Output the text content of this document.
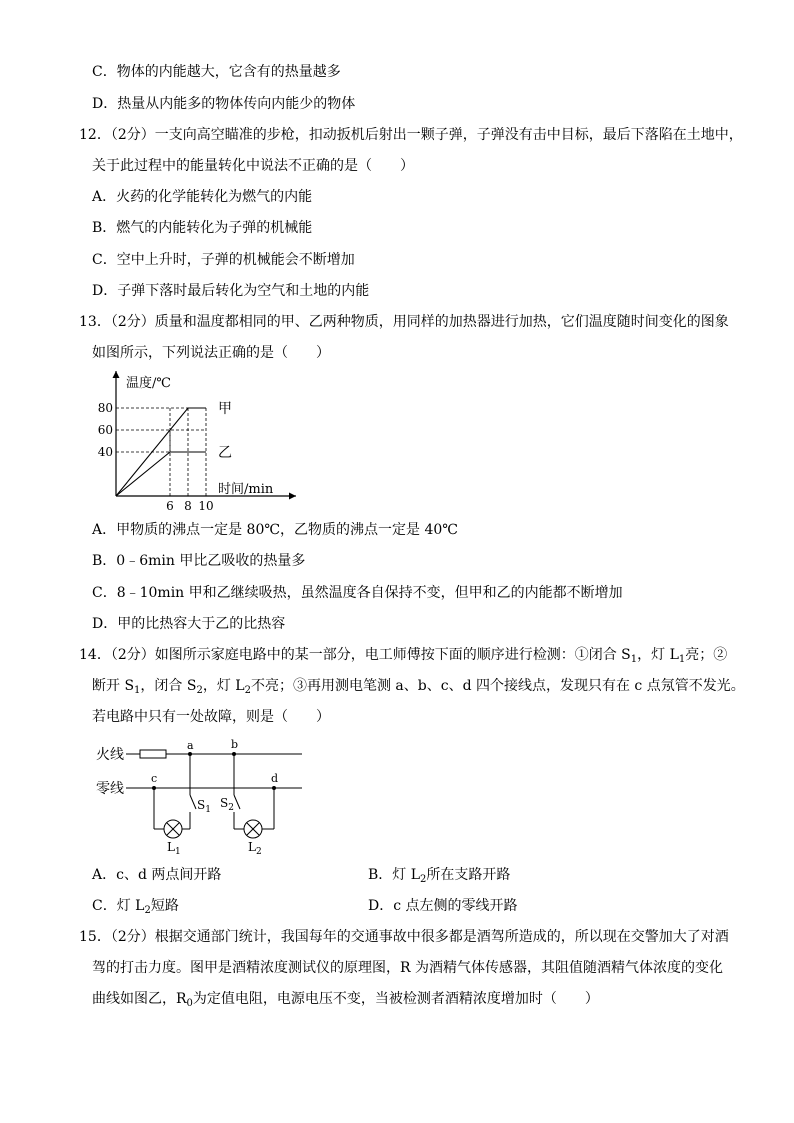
C．物体的内能越大，它含有的热量越多
D．热量从内能多的物体传向内能少的物体
12．（2分）一支向高空瞄准的步枪，扣动扳机后射出一颗子弹，子弹没有击中目标，最后下落陷在土地中，
关于此过程中的能量转化中说法不正确的是（　　）
A．火药的化学能转化为燃气的内能
B．燃气的内能转化为子弹的机械能
C．空中上升时，子弹的机械能会不断增加
D．子弹下落时最后转化为空气和土地的内能
13．（2分）质量和温度都相同的甲、乙两种物质，用同样的加热器进行加热，它们温度随时间变化的图象
如图所示，下列说法正确的是（　　）
温度/℃
时间/min
40
60
80
6 8 10
甲
乙
A．甲物质的沸点一定是 80℃，乙物质的沸点一定是 40℃
B．0﹣6min 甲比乙吸收的热量多
C．8﹣10min 甲和乙继续吸热，虽然温度各自保持不变，但甲和乙的内能都不断增加
D．甲的比热容大于乙的比热容
14．（2分）如图所示家庭电路中的某一部分，电工师傅按下面的顺序进行检测：①闭合 $S_1$，灯 $L_1$亮；②
断开 $S_1$，闭合 $S_2$，灯 $L_2$不亮；③再用测电笔测 a、b、c、d 四个接线点，发现只有在 c 点氖管不发光。
若电路中只有一处故障，则是（　　）
火线
零线
a	b
c	d
$S_1$
$L_1$
$S_2$
$L_2$
A．c、d 两点间开路	B．灯 $L_2$所在支路开路
C．灯 $L_2$短路	D．c 点左侧的零线开路
15．（2分）根据交通部门统计，我国每年的交通事故中很多都是酒驾所造成的，所以现在交警加大了对酒
驾的打击力度。图甲是酒精浓度测试仪的原理图，R 为酒精气体传感器，其阻值随酒精气体浓度的变化
曲线如图乙，$R_0$为定值电阻，电源电压不变，当被检测者酒精浓度增加时（　　）
